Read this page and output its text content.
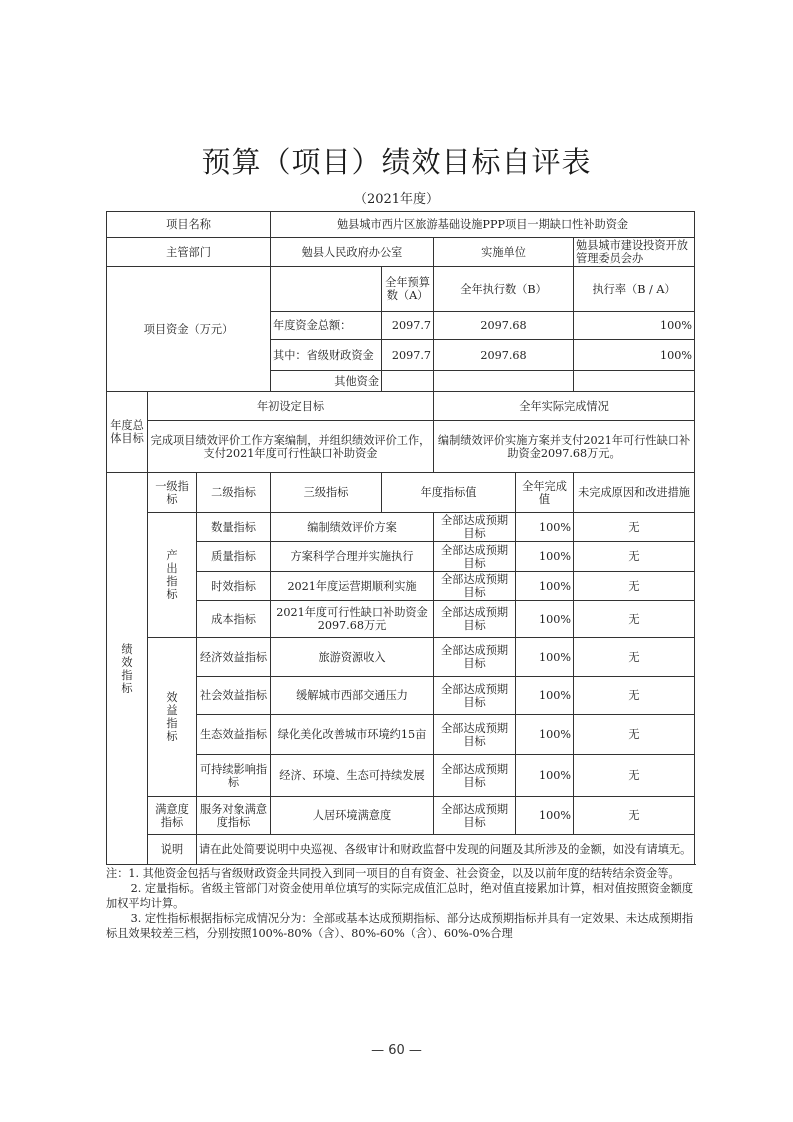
预算（项目）绩效目标自评表
（2021年度）
项目名称			勉县城市西片区旅游基础设施PPP项目一期缺口性补助资金				
主管部门			勉县人民政府办公室		实施单位		勉县城市建设投资开放管理委员会办
项目资金（万元）				全年预算数（A）	全年执行数（B）		执行率（B / A）
			年度资金总额：	2097.7	2097.68		100%
			其中：省级财政资金	2097.7	2097.68		100%
			其他资金				
年度总体目标	年初设定目标				全年实际完成情况		
	完成项目绩效评价工作方案编制，并组织绩效评价工作，支付2021年度可行性缺口补助资金				编制绩效评价实施方案并支付2021年可行性缺口补助资金2097.68万元。		
绩效指标	一级指标	二级指标	三级指标	年度指标值		全年完成值	未完成原因和改进措施
	产出指标	数量指标	编制绩效评价方案		全部达成预期目标	100%	无
		质量指标	方案科学合理并实施执行		全部达成预期目标	100%	无
		时效指标	2021年度运营期顺利实施		全部达成预期目标	100%	无
		成本指标	2021年度可行性缺口补助资金2097.68万元		全部达成预期目标	100%	无
	效益指标	经济效益指标	旅游资源收入		全部达成预期目标	100%	无
		社会效益指标	缓解城市西部交通压力		全部达成预期目标	100%	无
		生态效益指标	绿化美化改善城市环境约15亩		全部达成预期目标	100%	无
		可持续影响指标	经济、环境、生态可持续发展		全部达成预期目标	100%	无
	满意度指标	服务对象满意度指标	人居环境满意度		全部达成预期目标	100%	无
	说明	请在此处简要说明中央巡视、各级审计和财政监督中发现的问题及其所涉及的金额，如没有请填无。					

注：1. 其他资金包括与省级财政资金共同投入到同一项目的自有资金、社会资金，以及以前年度的结转结余资金等。

2. 定量指标。省级主管部门对资金使用单位填写的实际完成值汇总时，绝对值直接累加计算，相对值按照资金额度加权平均计算。

3. 定性指标根据指标完成情况分为：全部或基本达成预期指标、部分达成预期指标并具有一定效果、未达成预期指标且效果较差三档，分别按照100%-80%（含）、80%-60%（含）、60%-0%合理

— 60 —
